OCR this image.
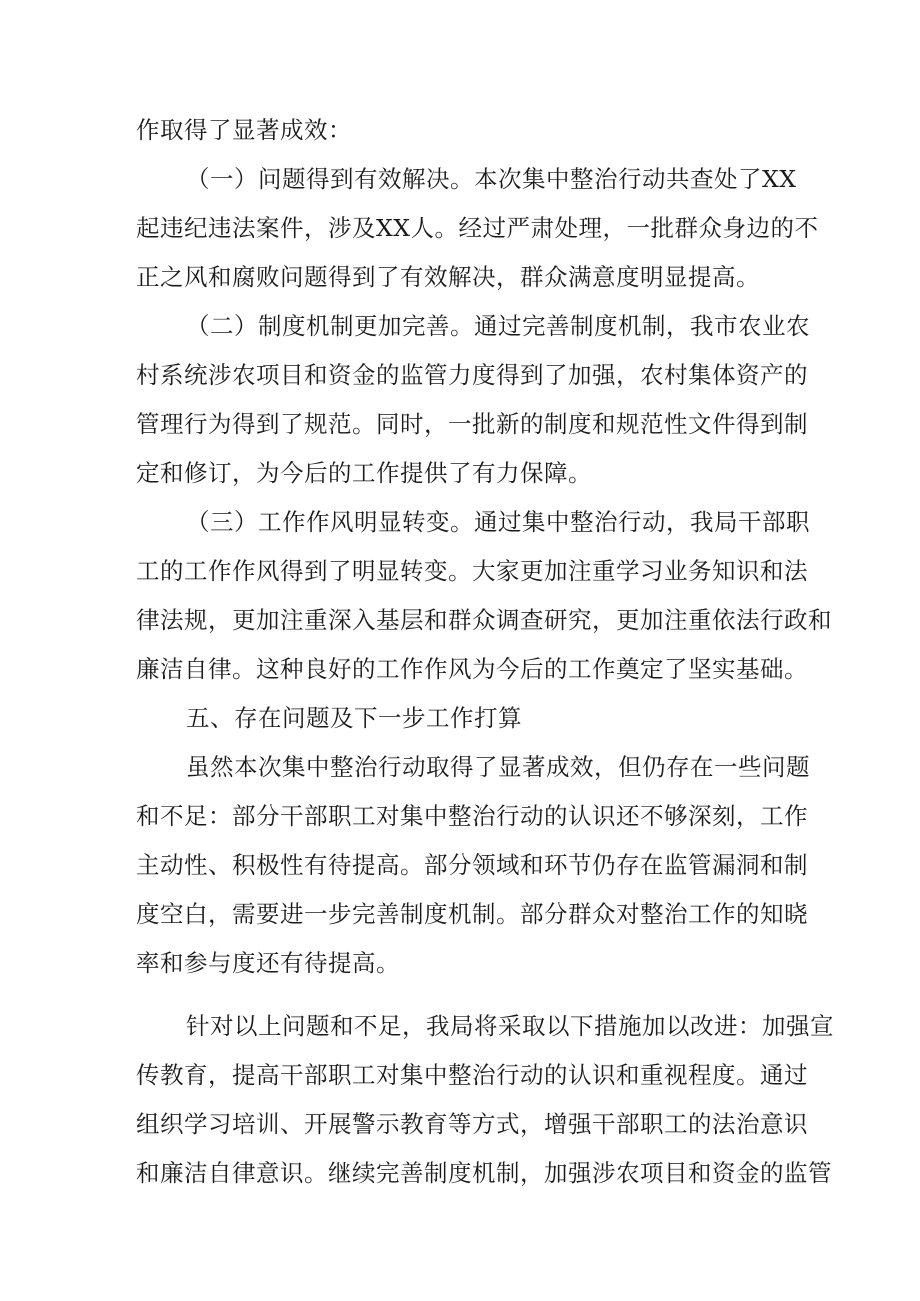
作取得了显著成效：
（一）问题得到有效解决。本次集中整治行动共查处了XX
起违纪违法案件，涉及XX人。经过严肃处理，一批群众身边的不
正之风和腐败问题得到了有效解决，群众满意度明显提高。
（二）制度机制更加完善。通过完善制度机制，我市农业农
村系统涉农项目和资金的监管力度得到了加强，农村集体资产的
管理行为得到了规范。同时，一批新的制度和规范性文件得到制
定和修订，为今后的工作提供了有力保障。
（三）工作作风明显转变。通过集中整治行动，我局干部职
工的工作作风得到了明显转变。大家更加注重学习业务知识和法
律法规，更加注重深入基层和群众调查研究，更加注重依法行政和
廉洁自律。这种良好的工作作风为今后的工作奠定了坚实基础。
五、存在问题及下一步工作打算
虽然本次集中整治行动取得了显著成效，但仍存在一些问题
和不足：部分干部职工对集中整治行动的认识还不够深刻，工作
主动性、积极性有待提高。部分领域和环节仍存在监管漏洞和制
度空白，需要进一步完善制度机制。部分群众对整治工作的知晓
率和参与度还有待提高。
针对以上问题和不足，我局将采取以下措施加以改进：加强宣
传教育，提高干部职工对集中整治行动的认识和重视程度。通过
组织学习培训、开展警示教育等方式，增强干部职工的法治意识
和廉洁自律意识。继续完善制度机制，加强涉农项目和资金的监管
